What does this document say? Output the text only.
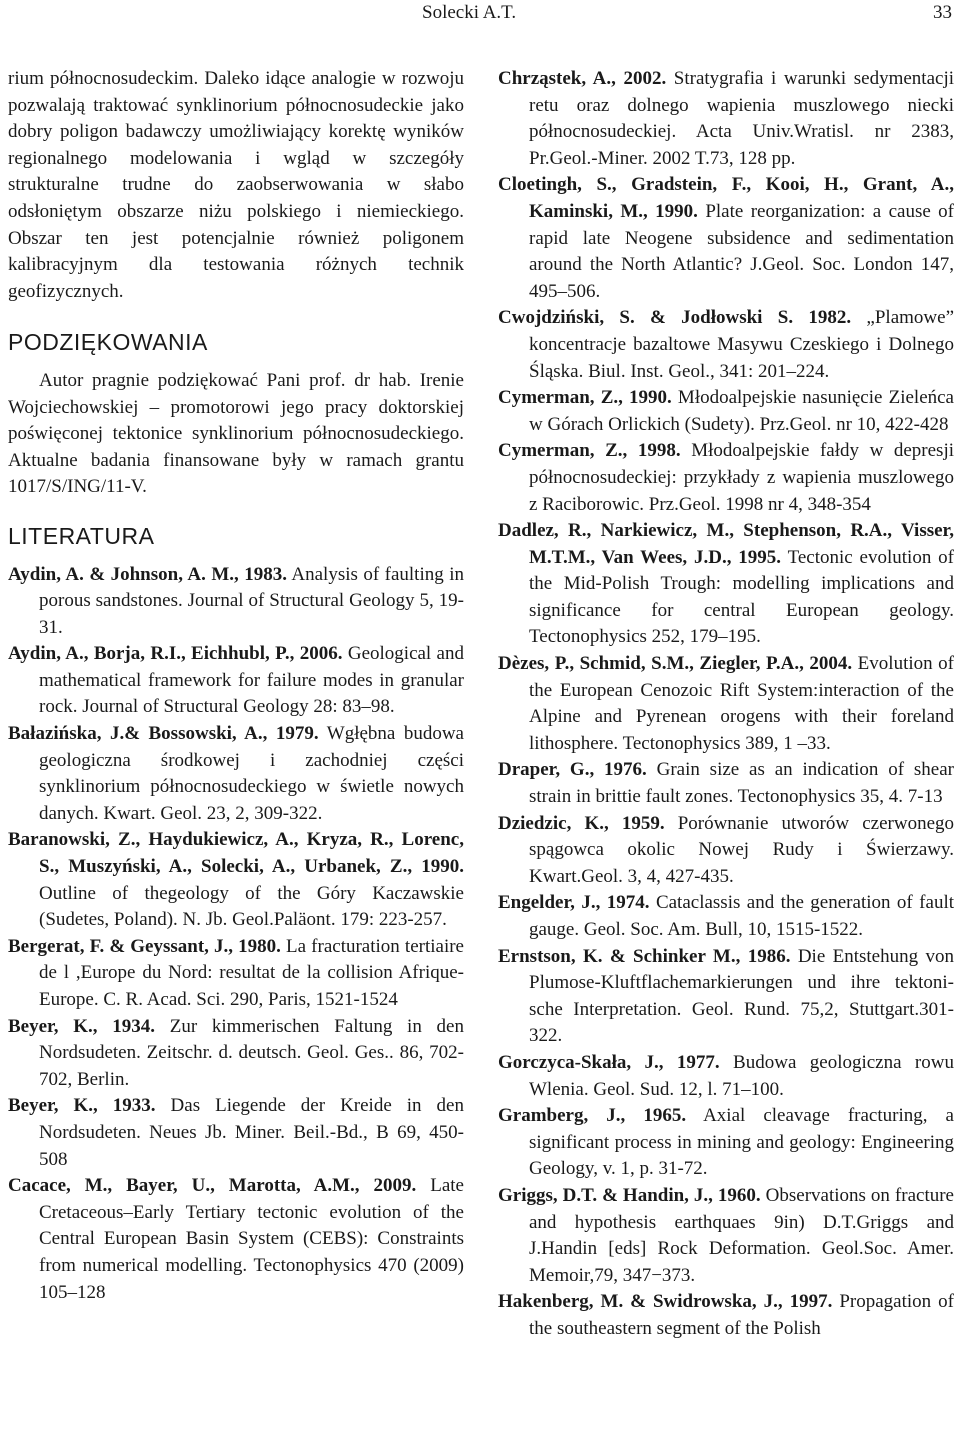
Solecki A.T.	33

rium północnosudeckim. Daleko idące analogie w rozwoju pozwalają traktować synklinorium północnosudeckie jako dobry poligon badawczy umożliwiający korektę wyników regionalnego modelowania i wgląd w szczegóły strukturalne trudne do zaobserwowania w słabo odsłoniętym obszarze niżu polskiego i niemieckiego. Obszar ten jest potencjalnie również poligonem kalibracyjnym dla testowania różnych technik geofizycznych.

PODZIĘKOWANIA

Autor pragnie podziękować Pani prof. dr hab. Irenie Wojciechowskiej – promotorowi jego pracy doktorskiej poświęconej tektonice synklinorium północnosudeckiego. Aktualne badania finansowane były w ramach grantu 1017/S/ING/11-V.

LITERATURA

Aydin, A. & Johnson, A. M., 1983. Analysis of faulting in porous sandstones. Journal of Structural Geology 5, 19-31.

Aydin, A., Borja, R.I., Eichhubl, P., 2006. Geological and mathematical framework for failure modes in granular rock. Journal of Structural Geology 28: 83–98.

Bałazińska, J.& Bossowski, A., 1979. Wgłębna budowa geologiczna środkowej i zachodniej części synklinorium północnosudeckiego w świetle nowych danych. Kwart. Geol. 23, 2, 309-322.

Baranowski, Z., Haydukiewicz, A., Kryza, R., Lorenc, S., Muszyński, A., Solecki, A., Urbanek, Z., 1990. Outline of thegeology of the Góry Kaczawskie (Sudetes, Poland). N. Jb. Geol.Paläont. 179: 223-257.

Bergerat, F. & Geyssant, J., 1980. La fracturation tertiaire de l ,Europe du Nord: resultat de la collision Afrique-Europe. C. R. Acad. Sci. 290, Paris, 1521-1524

Beyer, K., 1934. Zur kimmerischen Faltung in den Nordsudeten. Zeitschr. d. deutsch. Geol. Ges.. 86, 702-702, Berlin.

Beyer, K., 1933. Das Liegende der Kreide in den Nordsudeten. Neues Jb. Miner. Beil.-Bd., B 69, 450-508

Cacace, M., Bayer, U., Marotta, A.M., 2009. Late Cretaceous–Early Tertiary tectonic evolution of the Central European Basin System (CEBS): Constraints from numerical modelling. Tectonophysics 470 (2009) 105–128

Chrząstek, A., 2002. Stratygrafia i warunki sedymentacji retu oraz dolnego wapienia muszlowego niecki północnosudeckiej. Acta Univ.Wratisl. nr 2383, Pr.Geol.-Miner. 2002 T.73, 128 pp.

Cloetingh, S., Gradstein, F., Kooi, H., Grant, A., Kaminski, M., 1990. Plate reorganization: a cause of rapid late Neogene subsidence and sedimentation around the North Atlantic? J.Geol. Soc. London 147, 495–506.

Cwojdziński, S. & Jodłowski S. 1982. „Plamowe” koncentracje bazaltowe Masywu Czeskiego i Dolnego Śląska. Biul. Inst. Geol., 341: 201–224.

Cymerman, Z., 1990. Młodoalpejskie nasunięcie Zieleńca w Górach Orlickich (Sudety). Prz.Geol. nr 10, 422-428

Cymerman, Z., 1998. Młodoalpejskie fałdy w depresji północnosudeckiej: przykłady z wapienia muszlowego z Raciborowic. Prz.Geol. 1998 nr 4, 348-354

Dadlez, R., Narkiewicz, M., Stephenson, R.A., Visser, M.T.M., Van Wees, J.D., 1995. Tectonic evolution of the Mid-Polish Trough: modelling implications and significance for central European geology. Tectonophysics 252, 179–195.

Dèzes, P., Schmid, S.M., Ziegler, P.A., 2004. Evolution of the European Cenozoic Rift System:interaction of the Alpine and Pyrenean orogens with their foreland lithosphere. Tectonophysics 389, 1 –33.

Draper, G., 1976. Grain size as an indication of shear strain in brittie fault zones. Tectonophysics 35, 4. 7-13

Dziedzic, K., 1959. Porównanie utworów czerwonego spągowca okolic Nowej Rudy i Świerzawy. Kwart.Geol. 3, 4, 427-435.

Engelder, J., 1974. Cataclassis and the generation of fault gauge. Geol. Soc. Am. Bull, 10, 1515-1522.

Ernstson, K. & Schinker M., 1986. Die Entstehung von Plumose-Kluftflachemarkierungen und ihre tektoni-sche Interpretation. Geol. Rund. 75,2, Stuttgart.301-322.

Gorczyca-Skała, J., 1977. Budowa geologiczna rowu Wlenia. Geol. Sud. 12, l. 71–100.

Gramberg, J., 1965. Axial cleavage fracturing, a significant process in mining and geology: Engineering Geology, v. 1, p. 31-72.

Griggs, D.T. & Handin, J., 1960. Observations on fracture and hypothesis earthquaes 9in) D.T.Griggs and J.Handin [eds] Rock Deformation. Geol.Soc. Amer. Memoir,79, 347−373.

Hakenberg, M. & Swidrowska, J., 1997. Propagation of the southeastern segment of the Polish
